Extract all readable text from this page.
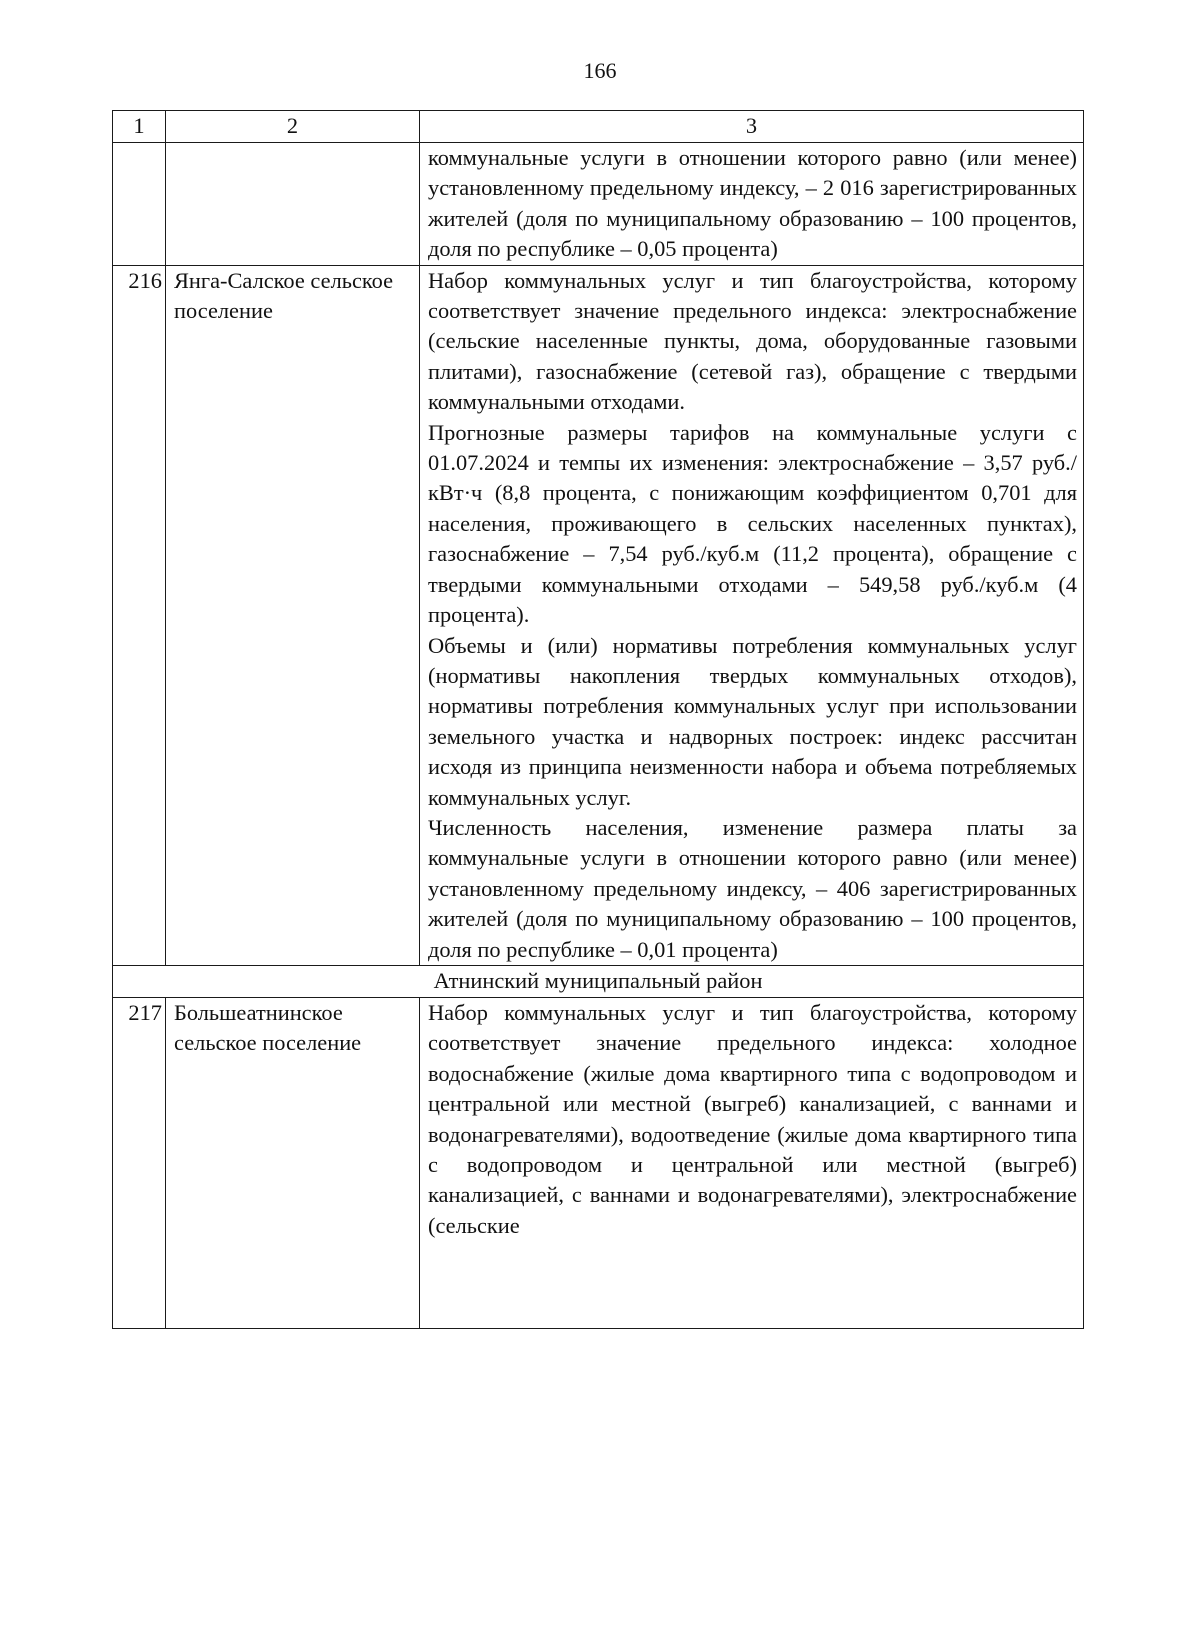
166
1	2	3

		коммунальные услуги в отношении которого равно (или менее) установленному предельному индексу, – 2 016 зарегистрированных жителей (доля по муниципальному образованию – 100 процентов, доля по республике – 0,05 процента)

216	Янга-Салское сельское поселение	Набор коммунальных услуг и тип благоустройства, которому соответствует значение предельного индекса: электроснабжение (сельские населенные пункты, дома, оборудованные газовыми плитами), газоснабжение (сетевой газ), обращение с твердыми коммунальными отходами.

Прогнозные размеры тарифов на коммунальные услуги с 01.07.2024 и темпы их изменения: электроснабжение – 3,57 руб./кВт·ч (8,8 процента, с понижающим коэффициентом 0,701 для населения, проживающего в сельских населенных пунктах), газоснабжение – 7,54 руб./куб.м (11,2 процента), обращение с твердыми коммунальными отходами – 549,58 руб./куб.м (4 процента).

Объемы и (или) нормативы потребления коммунальных услуг (нормативы накопления твердых коммунальных отходов), нормативы потребления коммунальных услуг при использовании земельного участка и надворных построек: индекс рассчитан исходя из принципа неизменности набора и объема потребляемых коммунальных услуг.

Численность населения, изменение размера платы за коммунальные услуги в отношении которого равно (или менее) установленному предельному индексу, – 406 зарегистрированных жителей (доля по муниципальному образованию – 100 процентов, доля по республике – 0,01 процента)

Атнинский муниципальный район		
217	Большеатнинское сельское поселение	Набор коммунальных услуг и тип благоустройства, которому соответствует значение предельного индекса: холодное водоснабжение (жилые дома квартирного типа с водопроводом и центральной или местной (выгреб) канализацией, с ваннами и водонагревателями), водоотведение (жилые дома квартирного типа с водопроводом и центральной или местной (выгреб) канализацией, с ваннами и водонагревателями), электроснабжение (сельские
